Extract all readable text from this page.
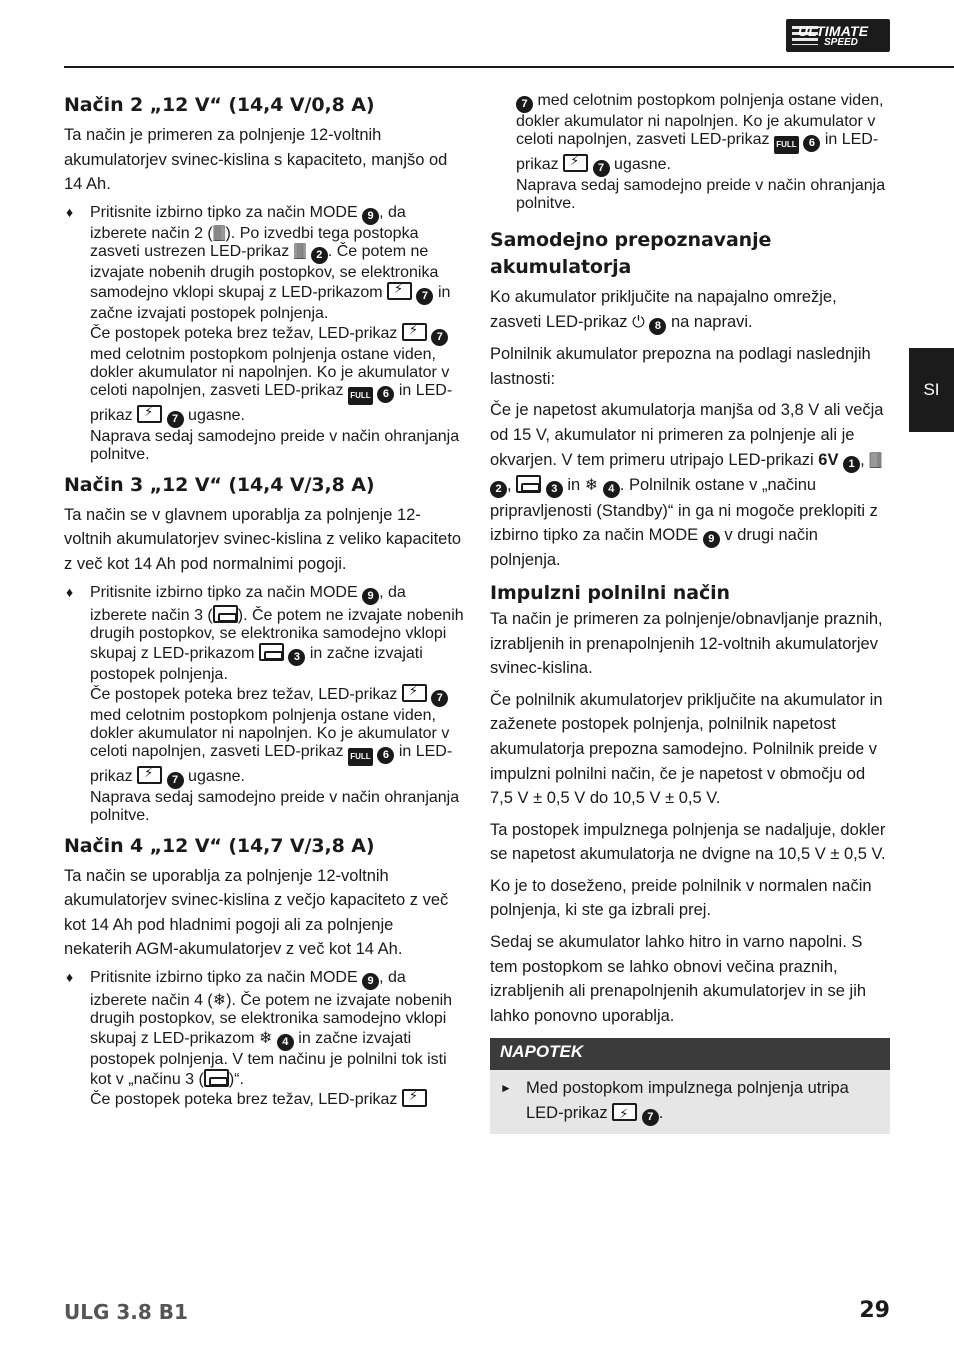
ULTIMATE
SPEED
SI
Način 2 „12 V“ (14,4 V/0,8 A)

Ta način je primeren za polnjenje 12-voltnih akumulatorjev svinec-kislina s kapaciteto, manjšo od 14 Ah.

♦ Pritisnite izbirno tipko za način MODE 9 , da izberete način 2 (🀫). Po izvedbi tega postopka zasveti ustrezen LED-prikaz 🀫 2 . Če potem ne izvajate nobenih drugih postopkov, se elektronika samodejno vklopi skupaj z LED-prikazom ⚡	7 in začne izvajati postopek polnjenja.
Če postopek poteka brez težav, LED-prikaz ⚡	7 med celotnim postopkom polnjenja ostane viden, dokler akumulator ni napolnjen. Ko je akumulator v celoti napolnjen, zasveti LED-prikaz FULL 6 in LED-prikaz ⚡	7 ugasne.
Naprava sedaj samodejno preide v način ohranjanja polnitve.
Način 3 „12 V“ (14,4 V/3,8 A)

Ta način se v glavnem uporablja za polnjenje 12-voltnih akumulatorjev svinec-kislina z veliko kapaciteto z več kot 14 Ah pod normalnimi pogoji.

♦ Pritisnite izbirno tipko za način MODE 9 , da izberete način 3 ( ). Če potem ne izvajate nobenih drugih postopkov, se elektronika samodejno vklopi skupaj z LED-prikazom	3 in začne izvajati postopek polnjenja.
Če postopek poteka brez težav, LED-prikaz ⚡	7 med celotnim postopkom polnjenja ostane viden, dokler akumulator ni napolnjen. Ko je akumulator v celoti napolnjen, zasveti LED-prikaz FULL 6 in LED-prikaz ⚡	7 ugasne.
Naprava sedaj samodejno preide v način ohranjanja polnitve.
Način 4 „12 V“ (14,7 V/3,8 A)

Ta način se uporablja za polnjenje 12-voltnih akumulatorjev svinec-kislina z večjo kapaciteto z več kot 14 Ah pod hladnimi pogoji ali za polnjenje nekaterih AGM-akumulatorjev z več kot 14 Ah.

♦ Pritisnite izbirno tipko za način MODE 9 , da izberete način 4 (❄). Če potem ne izvajate nobenih drugih postopkov, se elektronika samodejno vklopi skupaj z LED-prikazom ❄ 4 in začne izvajati postopek polnjenja. V tem načinu je polnilni tok isti kot v „načinu 3 ( )“.
Če postopek poteka brez težav, LED-prikaz ⚡
7 med celotnim postopkom polnjenja ostane viden, dokler akumulator ni napolnjen. Ko je akumulator v celoti napolnjen, zasveti LED-prikaz FULL 6 in LED-prikaz ⚡	7 ugasne.
Naprava sedaj samodejno preide v način ohranjanja polnitve.
Samodejno prepoznavanje akumulatorja

Ko akumulator priključite na napajalno omrežje, zasveti LED-prikaz ⏻ 8 na napravi.

Polnilnik akumulator prepozna na podlagi naslednjih lastnosti:

Če je napetost akumulatorja manjša od 3,8 V ali večja od 15 V, akumulator ni primeren za polnjenje ali je okvarjen. V tem primeru utripajo LED-prikazi 6V 1 , 🀫 2 ,	3 in ❄ 4 . Polnilnik ostane v „načinu pripravljenosti (Standby)“ in ga ni mogoče preklopiti z izbirno tipko za način MODE 9 v drugi način polnjenja.

Impulzni polnilni način

Ta način je primeren za polnjenje/obnavljanje praznih, izrabljenih in prenapolnjenih 12-voltnih akumulatorjev svinec-kislina.

Če polnilnik akumulatorjev priključite na akumulator in zaženete postopek polnjenja, polnilnik napetost akumulatorja prepozna samodejno. Polnilnik preide v impulzni polnilni način, če je napetost v območju od 7,5 V ± 0,5 V do 10,5 V ± 0,5 V.

Ta postopek impulznega polnjenja se nadaljuje, dokler se napetost akumulatorja ne dvigne na 10,5 V ± 0,5 V.

Ko je to doseženo, preide polnilnik v normalen način polnjenja, ki ste ga izbrali prej.

Sedaj se akumulator lahko hitro in varno napolni. S tem postopkom se lahko obnovi večina praznih, izrabljenih ali prenapolnjenih akumulatorjev in se jih lahko ponovno uporablja.

NAPOTEK
► Med postopkom impulznega polnjenja utripa LED-prikaz ⚡	7 .
ULG 3.8 B1	29
